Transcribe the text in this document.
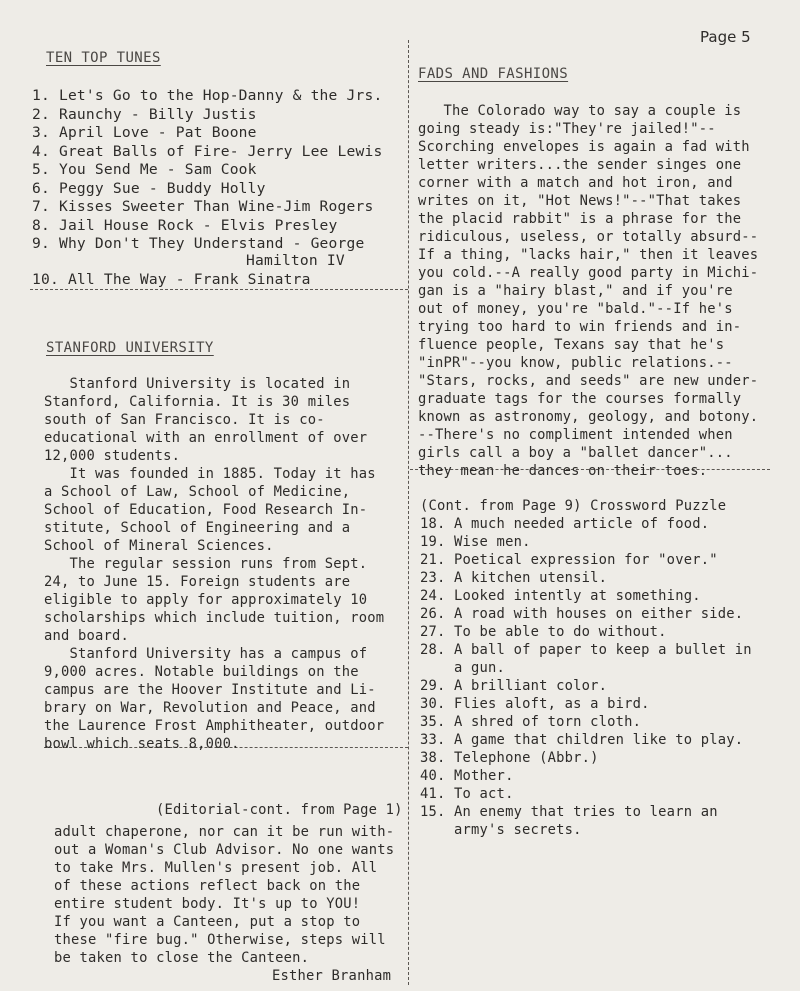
Page 5
TEN TOP TUNES
1. Let's Go to the Hop-Danny & the Jrs.
2. Raunchy - Billy Justis
3. April Love - Pat Boone
4. Great Balls of Fire- Jerry Lee Lewis
5. You Send Me - Sam Cook
6. Peggy Sue - Buddy Holly
7. Kisses Sweeter Than Wine-Jim Rogers
8. Jail House Rock - Elvis Presley
9. Why Don't They Understand - George
Hamilton IV
10. All The Way - Frank Sinatra
STANFORD UNIVERSITY
Stanford University is located in
Stanford, California. It is 30 miles
south of San Francisco. It is co-
educational with an enrollment of over
12,000 students.
It was founded in 1885. Today it has
a School of Law, School of Medicine,
School of Education, Food Research In-
stitute, School of Engineering and a
School of Mineral Sciences.
The regular session runs from Sept.
24, to June 15. Foreign students are
eligible to apply for approximately 10
scholarships which include tuition, room
and board.
Stanford University has a campus of
9,000 acres. Notable buildings on the
campus are the Hoover Institute and Li-
brary on War, Revolution and Peace, and
the Laurence Frost Amphitheater, outdoor
bowl which seats 8,000.
(Editorial-cont. from Page 1)
adult chaperone, nor can it be run with-
out a Woman's Club Advisor. No one wants
to take Mrs. Mullen's present job. All
of these actions reflect back on the
entire student body. It's up to YOU!
If you want a Canteen, put a stop to
these "fire bug." Otherwise, steps will
be taken to close the Canteen.
Esther Branham
FADS AND FASHIONS
The Colorado way to say a couple is
going steady is:"They're jailed!"--
Scorching envelopes is again a fad with
letter writers...the sender singes one
corner with a match and hot iron, and
writes on it, "Hot News!"--"That takes
the placid rabbit" is a phrase for the
ridiculous, useless, or totally absurd--
If a thing, "lacks hair," then it leaves
you cold.--A really good party in Michi-
gan is a "hairy blast," and if you're
out of money, you're "bald."--If he's
trying too hard to win friends and in-
fluence people, Texans say that he's
"inPR"--you know, public relations.--
"Stars, rocks, and seeds" are new under-
graduate tags for the courses formally
known as astronomy, geology, and botony.
--There's no compliment intended when
girls call a boy a "ballet dancer"...
they mean he dances on their toes.
(Cont. from Page 9) Crossword Puzzle
18. A much needed article of food.
19. Wise men.
21. Poetical expression for "over."
23. A kitchen utensil.
24. Looked intently at something.
26. A road with houses on either side.
27. To be able to do without.
28. A ball of paper to keep a bullet in
a gun.
29. A brilliant color.
30. Flies aloft, as a bird.
35. A shred of torn cloth.
33. A game that children like to play.
38. Telephone (Abbr.)
40. Mother.
41. To act.
15. An enemy that tries to learn an
army's secrets.
